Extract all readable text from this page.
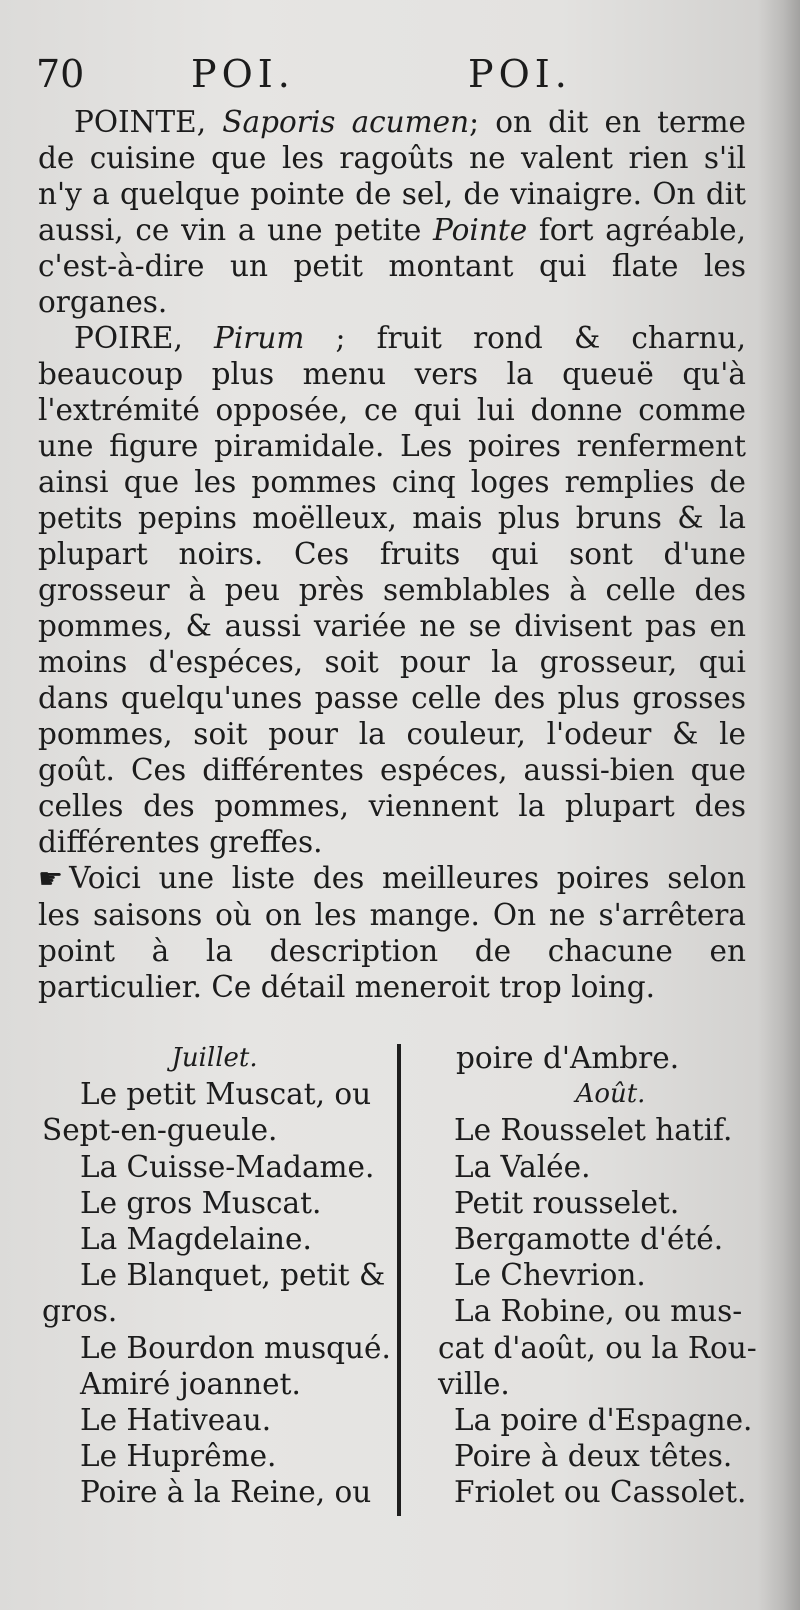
70	POI.	POI.

POINTE, Saporis acumen; on dit en terme de cuisine que les ragoûts ne valent rien s'il n'y a quelque pointe de sel, de vinaigre. On dit aussi, ce vin a une petite Pointe fort agréable, c'est-à-dire un petit montant qui flate les organes.

POIRE, Pirum ; fruit rond & charnu, beaucoup plus menu vers la queuë qu'à l'extrémité opposée, ce qui lui donne comme une figure piramidale. Les poires renferment ainsi que les pommes cinq loges remplies de petits pepins moëlleux, mais plus bruns & la plupart noirs. Ces fruits qui sont d'une grosseur à peu près semblables à celle des pommes, & aussi variée ne se divisent pas en moins d'espéces, soit pour la grosseur, qui dans quelqu'unes passe celle des plus grosses pommes, soit pour la couleur, l'odeur & le goût. Ces différentes espéces, aussi-bien que celles des pommes, viennent la plupart des différentes greffes.

☛ Voici une liste des meilleures poires selon les saisons où on les mange. On ne s'arrêtera point à la description de chacune en particulier. Ce détail meneroit trop loing.

Juillet.
Le petit Muscat, ou
Sept-en-gueule.
La Cuisse-Madame.
Le gros Muscat.
La Magdelaine.
Le Blanquet, petit &
gros.
Le Bourdon musqué.
Amiré joannet.
Le Hativeau.
Le Huprême.
Poire à la Reine, ou
poire d'Ambre.
Août.
Le Rousselet hatif.
La Valée.
Petit rousselet.
Bergamotte d'été.
Le Chevrion.
La Robine, ou mus-
cat d'août, ou la Rou-
ville.
La poire d'Espagne.
Poire à deux têtes.
Friolet ou Cassolet.
